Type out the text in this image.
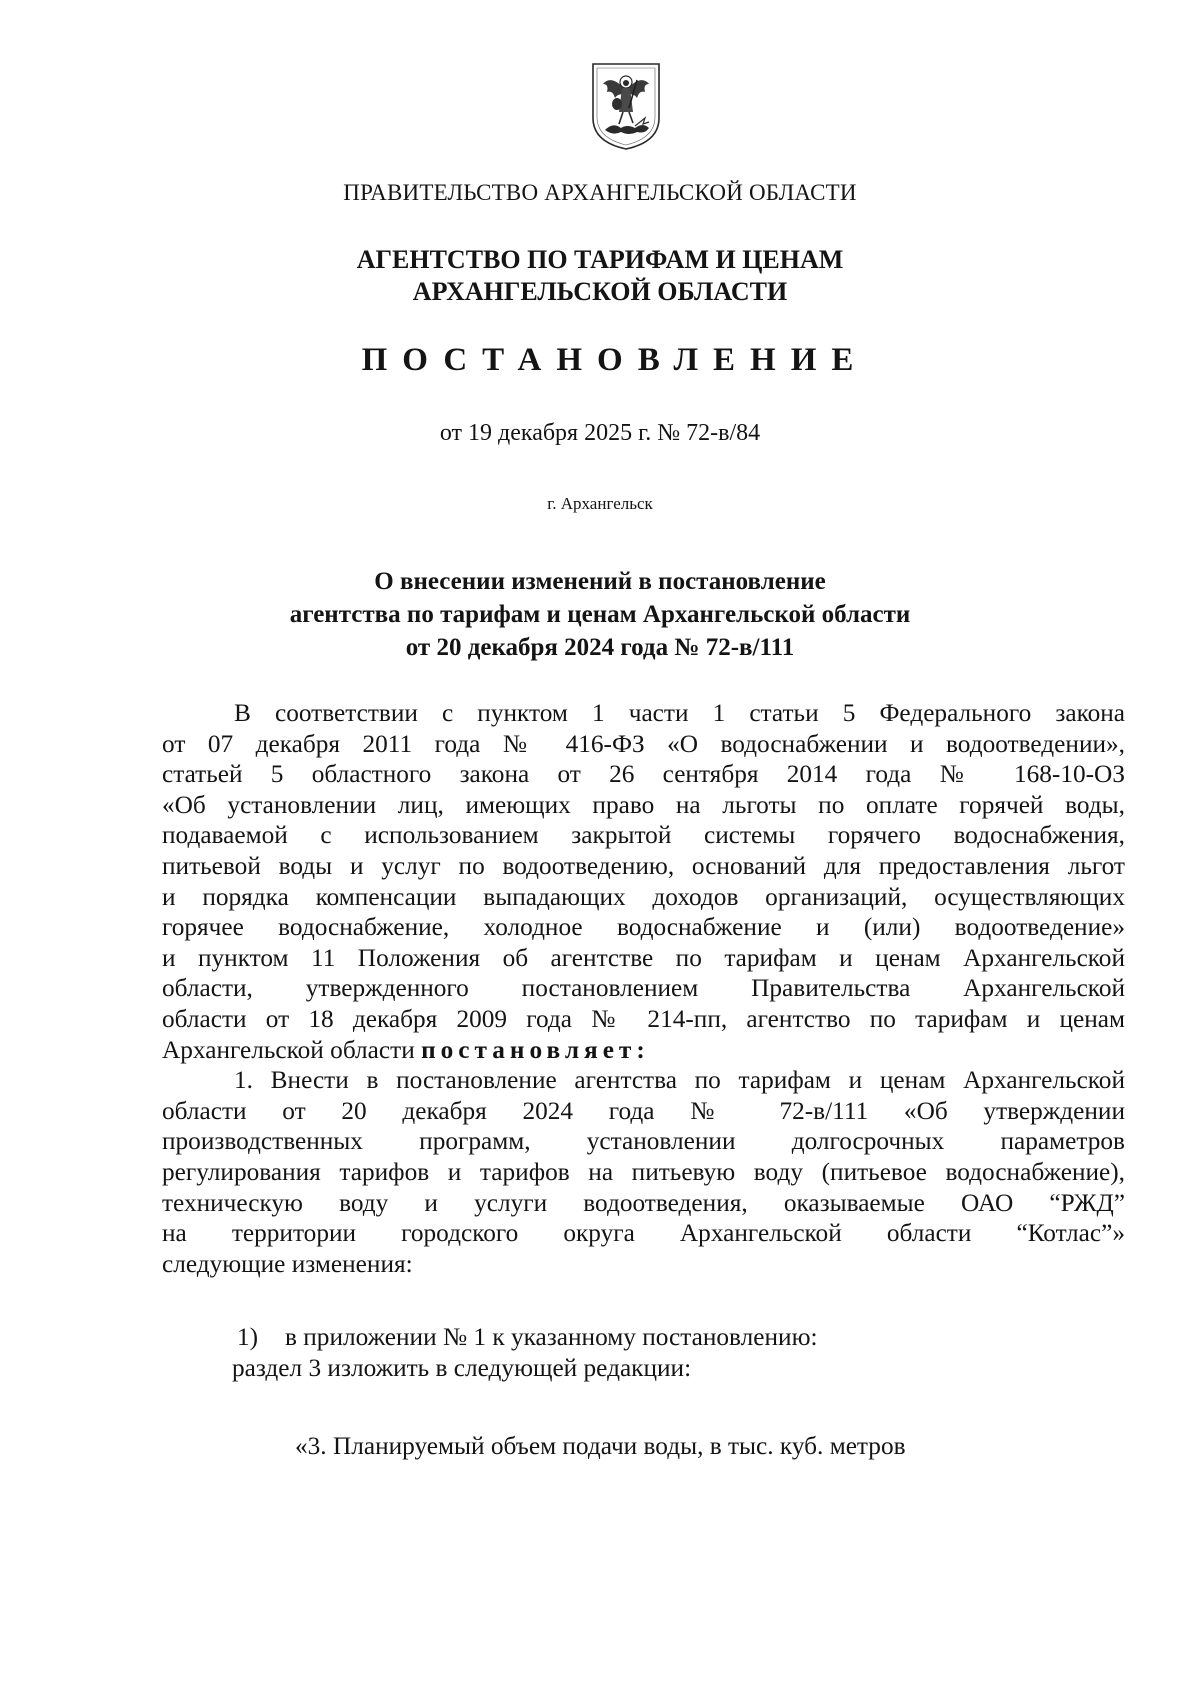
ПРАВИТЕЛЬСТВО АРХАНГЕЛЬСКОЙ ОБЛАСТИ
АГЕНТСТВО ПО ТАРИФАМ И ЦЕНАМ
АРХАНГЕЛЬСКОЙ ОБЛАСТИ
ПОСТАНОВЛЕНИЕ
от 19 декабря 2025 г. № 72-в/84
г. Архангельск
О внесении изменений в постановление
агентства по тарифам и ценам Архангельской области
от 20 декабря 2024 года № 72-в/111

В соответствии с пунктом 1 части 1 статьи 5 Федерального закона

от 07 декабря 2011 года № 416-ФЗ «О водоснабжении и водоотведении»,

статьей 5 областного закона от 26 сентября 2014 года № 168-10-ОЗ

«Об установлении лиц, имеющих право на льготы по оплате горячей воды,

подаваемой с использованием закрытой системы горячего водоснабжения,

питьевой воды и услуг по водоотведению, оснований для предоставления льгот

и порядка компенсации выпадающих доходов организаций, осуществляющих

горячее водоснабжение, холодное водоснабжение и (или) водоотведение»

и пунктом 11 Положения об агентстве по тарифам и ценам Архангельской

области, утвержденного постановлением Правительства Архангельской

области от 18 декабря 2009 года № 214-пп, агентство по тарифам и ценам

Архангельской области постановляет:

1. Внести в постановление агентства по тарифам и ценам Архангельской

области от 20 декабря 2024 года № 72-в/111 «Об утверждении

производственных программ, установлении долгосрочных параметров

регулирования тарифов и тарифов на питьевую воду (питьевое водоснабжение),

техническую воду и услуги водоотведения, оказываемые ОАО “РЖД”

на территории городского округа Архангельской области “Котлас”»

следующие изменения:

1) в приложении № 1 к указанному постановлению:
раздел 3 изложить в следующей редакции:
«3. Планируемый объем подачи воды, в тыс. куб. метров
